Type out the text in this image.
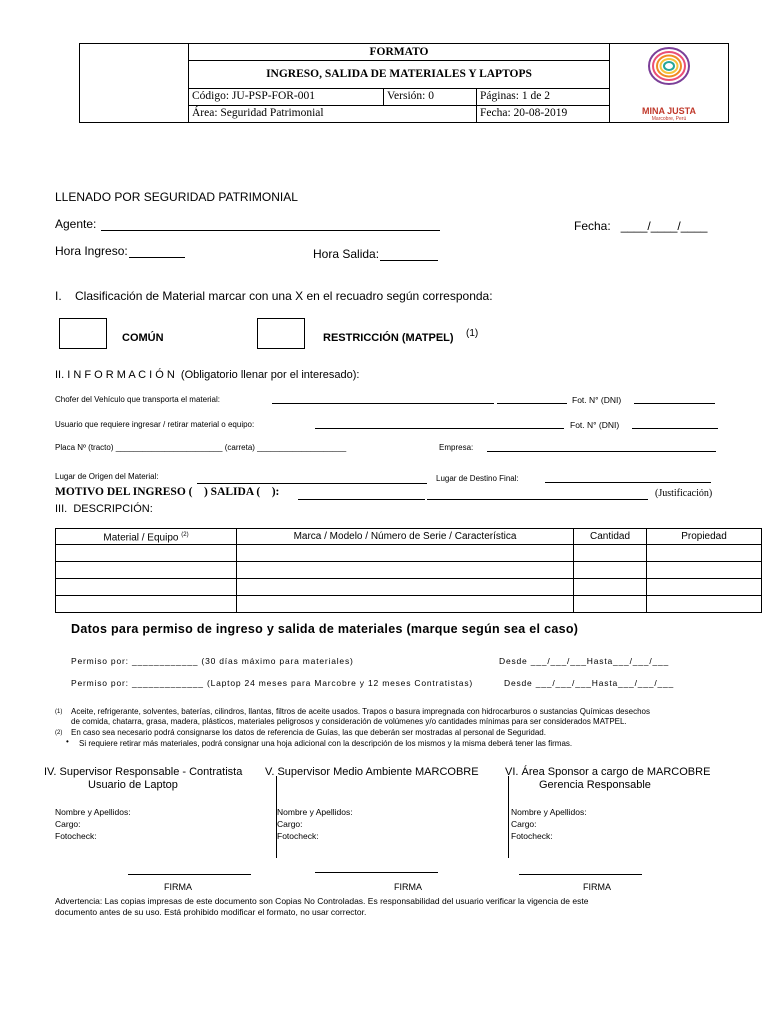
	FORMATO			MINA JUSTA
Marcobre, Perú

	INGRESO, SALIDA DE MATERIALES Y LAPTOPS			
	Código: JU-PSP-FOR-001	Versión: 0	Páginas: 1 de 2	
	Área: Seguridad Patrimonial		Fecha: 20-08-2019	
LLENADO POR SEGURIDAD PATRIMONIAL
Agente:	Fecha:   ____/____/____
Hora Ingreso:	Hora Salida:
I.    Clasificación de Material marcar con una X en el recuadro según corresponda:
COMÚN	RESTRICCIÓN (MATPEL) (1)
II. I N F O R M A C I Ó N  (Obligatorio llenar por el interesado):
Chofer del Vehículo que transporta el material:	Fot. N° (DNI)
Usuario que requiere ingresar / retirar material o equipo:	Fot. N° (DNI)
Placa Nº (tracto) ________________________ (carreta) ____________________	Empresa:
Lugar de Origen del Material:	Lugar de Destino Final:
MOTIVO DEL INGRESO (    ) SALIDA (    ):	(Justificación)
III.  DESCRIPCIÓN:
Material / Equipo $^{(2)}$	Marca / Modelo / Número de Serie / Característica	Cantidad	Propiedad

Datos para permiso de ingreso y salida de materiales (marque según sea el caso)
Permiso por: ____________ (30 días máximo para materiales)	Desde ___/___/___Hasta___/___/___
Permiso por: _____________ (Laptop 24 meses para Marcobre y 12 meses Contratistas)	Desde ___/___/___Hasta___/___/___
(1) Aceite, refrigerante, solventes, baterías, cilindros, llantas, filtros de aceite usados. Trapos o basura impregnada con hidrocarburos o sustancias Químicas desechos
de comida, chatarra, grasa, madera, plásticos, materiales peligrosos y consideración de volúmenes y/o cantidades mínimas para ser considerados MATPEL.
(2) En caso sea necesario podrá consignarse los datos de referencia de Guías, las que deberán ser mostradas al personal de Seguridad.
• Si requiere retirar más materiales, podrá consignar una hoja adicional con la descripción de los mismos y la misma deberá tener las firmas.
IV. Supervisor Responsable - Contratista
Usuario de Laptop
V. Supervisor Medio Ambiente MARCOBRE VI. Área Sponsor a cargo de MARCOBRE
Gerencia Responsable
Nombre y Apellidos:
Cargo:
Fotocheck:
Nombre y Apellidos:
Cargo:
Fotocheck:
Nombre y Apellidos:
Cargo:
Fotocheck:
FIRMA	FIRMA	FIRMA
Advertencia: Las copias impresas de este documento son Copias No Controladas. Es responsabilidad del usuario verificar la vigencia de este
documento antes de su uso. Está prohibido modificar el formato, no usar corrector.
